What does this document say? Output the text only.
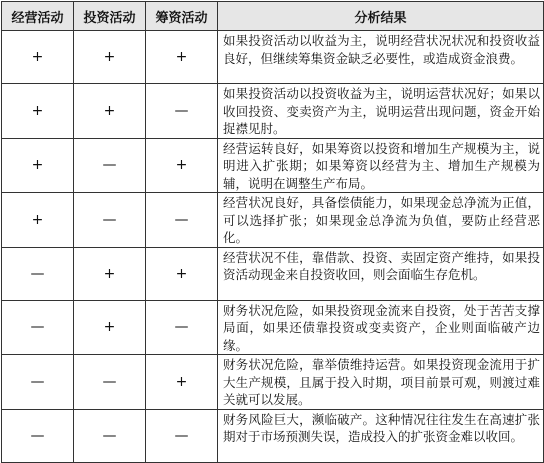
经营活动	投资活动	筹资活动	分析结果
+	+	+	如果投资活动以收益为主，说明经营状况状况和投资收益良好，但继续筹集资金缺乏必要性，或造成资金浪费。
+	+	—	如果投资活动以投资收益为主，说明运营状况好；如果以收回投资、变卖资产为主，说明运营出现问题，资金开始捉襟见肘。
+	—	+	经营运转良好，如果筹资以投资和增加生产规模为主，说明进入扩张期；如果筹资以经营为主、增加生产规模为辅，说明在调整生产布局。
+	—	—	经营状况良好，具备偿债能力，如果现金总净流为正值，可以选择扩张；如果现金总净流为负值，要防止经营恶化。
—	+	+	经营状况不佳，靠借款、投资、卖固定资产维持，如果投资活动现金来自投资收回，则会面临生存危机。
—	+	—	财务状况危险，如果投资现金流来自投资，处于苦苦支撑局面，如果还债靠投资或变卖资产，企业则面临破产边缘。
—	—	+	财务状况危险，靠举债维持运营。如果投资现金流用于扩大生产规模，且属于投入时期，项目前景可观，则渡过难关就可以发展。
—	—	—	财务风险巨大，濒临破产。这种情况往往发生在高速扩张期对于市场预测失误，造成投入的扩张资金难以收回。
